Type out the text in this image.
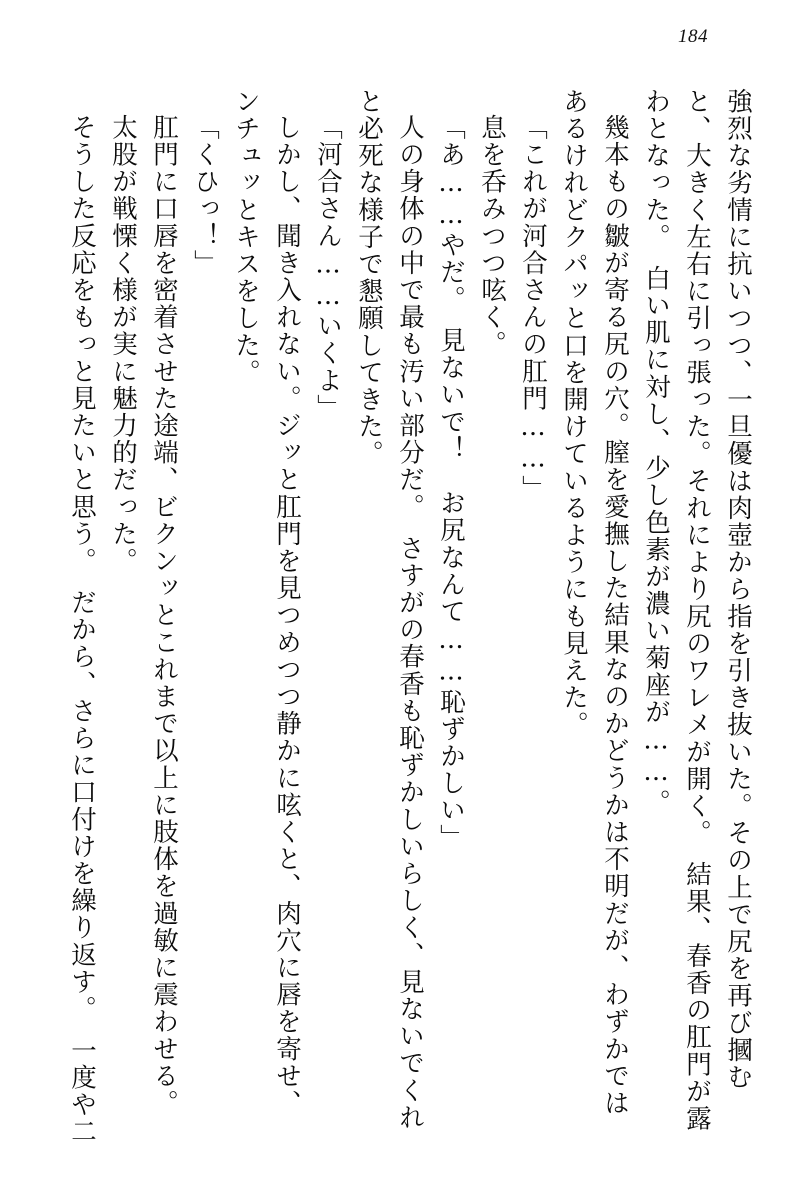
184
強烈な劣情に抗いつつ、一旦優は肉壺から指を引き抜いた。その上で尻を再び摑む
と、大きく左右に引っ張った。それにより尻のワレメが開く。　結果、春香の肛門が露
わとなった。　白い肌に対し、少し色素が濃い菊座が……。
幾本もの皺が寄る尻の穴。膣を愛撫した結果なのかどうかは不明だが、わずかでは
あるけれどクパッと口を開けているようにも見えた。
「これが河合さんの肛門……」
息を呑みつつ呟く。
「あ……やだ。　見ないで！　お尻なんて……恥ずかしい」
人の身体の中で最も汚い部分だ。　さすがの春香も恥ずかしいらしく、見ないでくれ
と必死な様子で懇願してきた。
「河合さん……いくよ」
しかし、聞き入れない。ジッと肛門を見つめつつ静かに呟くと、肉穴に唇を寄せ、
ンチュッとキスをした。
「くひっ！」
肛門に口唇を密着させた途端、ビクンッとこれまで以上に肢体を過敏に震わせる。
太股が戦慄く様が実に魅力的だった。
そうした反応をもっと見たいと思う。　だから、さらに口付けを繰り返す。　一度や二
